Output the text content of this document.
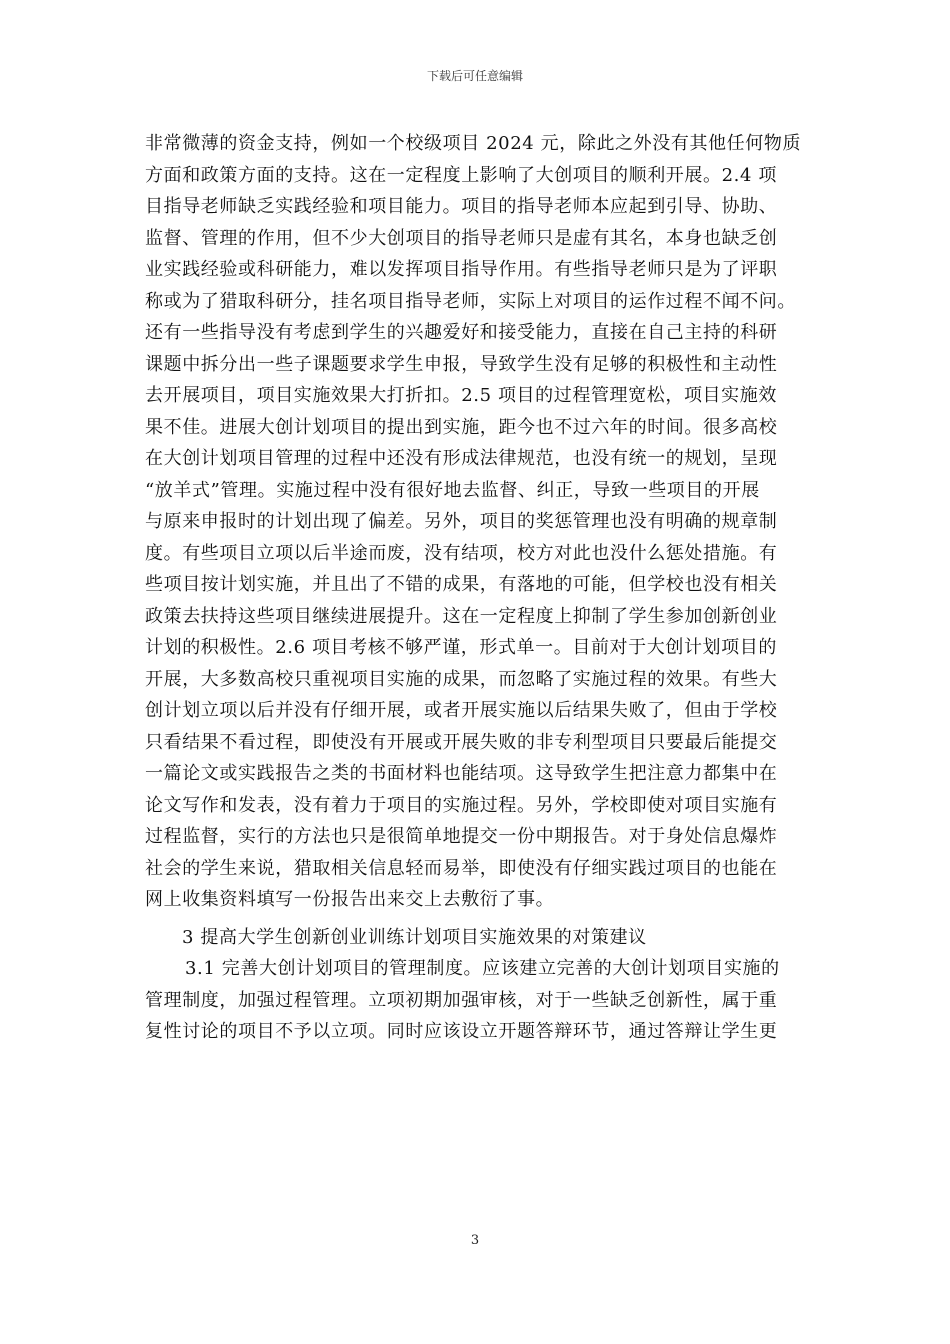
下载后可任意编辑
非常微薄的资金支持，例如一个校级项目 2024 元，除此之外没有其他任何物质
方面和政策方面的支持。这在一定程度上影响了大创项目的顺利开展。2.4 项
目指导老师缺乏实践经验和项目能力。项目的指导老师本应起到引导、协助、
监督、管理的作用，但不少大创项目的指导老师只是虚有其名，本身也缺乏创
业实践经验或科研能力，难以发挥项目指导作用。有些指导老师只是为了评职
称或为了猎取科研分，挂名项目指导老师，实际上对项目的运作过程不闻不问。
还有一些指导没有考虑到学生的兴趣爱好和接受能力，直接在自己主持的科研
课题中拆分出一些子课题要求学生申报，导致学生没有足够的积极性和主动性
去开展项目，项目实施效果大打折扣。2.5 项目的过程管理宽松，项目实施效
果不佳。进展大创计划项目的提出到实施，距今也不过六年的时间。很多高校
在大创计划项目管理的过程中还没有形成法律规范，也没有统一的规划，呈现
“放羊式”管理。实施过程中没有很好地去监督、纠正，导致一些项目的开展
与原来申报时的计划出现了偏差。另外，项目的奖惩管理也没有明确的规章制
度。有些项目立项以后半途而废，没有结项，校方对此也没什么惩处措施。有
些项目按计划实施，并且出了不错的成果，有落地的可能，但学校也没有相关
政策去扶持这些项目继续进展提升。这在一定程度上抑制了学生参加创新创业
计划的积极性。2.6 项目考核不够严谨，形式单一。目前对于大创计划项目的
开展，大多数高校只重视项目实施的成果，而忽略了实施过程的效果。有些大
创计划立项以后并没有仔细开展，或者开展实施以后结果失败了，但由于学校
只看结果不看过程，即使没有开展或开展失败的非专利型项目只要最后能提交
一篇论文或实践报告之类的书面材料也能结项。这导致学生把注意力都集中在
论文写作和发表，没有着力于项目的实施过程。另外，学校即使对项目实施有
过程监督，实行的方法也只是很简单地提交一份中期报告。对于身处信息爆炸
社会的学生来说，猎取相关信息轻而易举，即使没有仔细实践过项目的也能在
网上收集资料填写一份报告出来交上去敷衍了事。
3 提高大学生创新创业训练计划项目实施效果的对策建议
3.1 完善大创计划项目的管理制度。应该建立完善的大创计划项目实施的
管理制度，加强过程管理。立项初期加强审核，对于一些缺乏创新性，属于重
复性讨论的项目不予以立项。同时应该设立开题答辩环节，通过答辩让学生更
3
